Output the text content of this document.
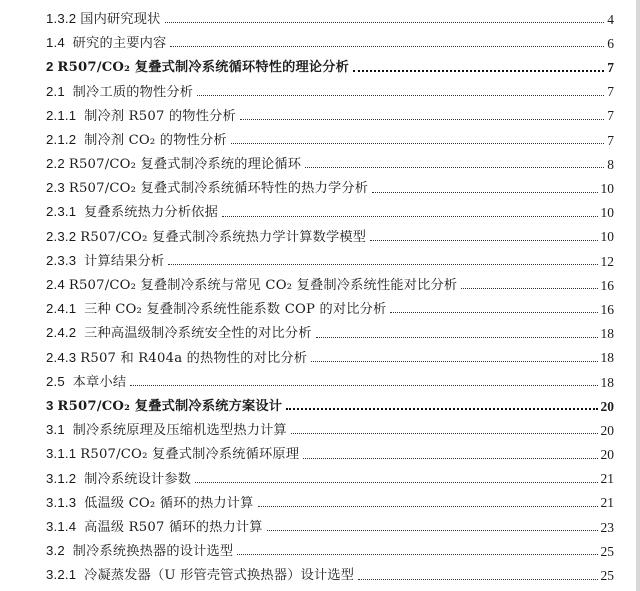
1.3.2 国内研究现状	4
1.4 研究的主要内容	6
2 R507/CO₂ 复叠式制冷系统循环特性的理论分析	7
2.1 制冷工质的物性分析	7
2.1.1 制冷剂 R507 的物性分析	7
2.1.2 制冷剂 CO₂ 的物性分析	7
2.2 R507/CO₂ 复叠式制冷系统的理论循环	8
2.3 R507/CO₂ 复叠式制冷系统循环特性的热力学分析	10
2.3.1 复叠系统热力分析依据	10
2.3.2 R507/CO₂ 复叠式制冷系统热力学计算数学模型	10
2.3.3 计算结果分析	12
2.4 R507/CO₂ 复叠制冷系统与常见 CO₂ 复叠制冷系统性能对比分析	16
2.4.1 三种 CO₂ 复叠制冷系统性能系数 COP 的对比分析	16
2.4.2 三种高温级制冷系统安全性的对比分析	18
2.4.3 R507 和 R404a 的热物性的对比分析	18
2.5 本章小结	18
3 R507/CO₂ 复叠式制冷系统方案设计	20
3.1 制冷系统原理及压缩机选型热力计算	20
3.1.1 R507/CO₂ 复叠式制冷系统循环原理	20
3.1.2 制冷系统设计参数	21
3.1.3 低温级 CO₂ 循环的热力计算	21
3.1.4 高温级 R507 循环的热力计算	23
3.2 制冷系统换热器的设计选型	25
3.2.1 冷凝蒸发器（U 形管壳管式换热器）设计选型	25
